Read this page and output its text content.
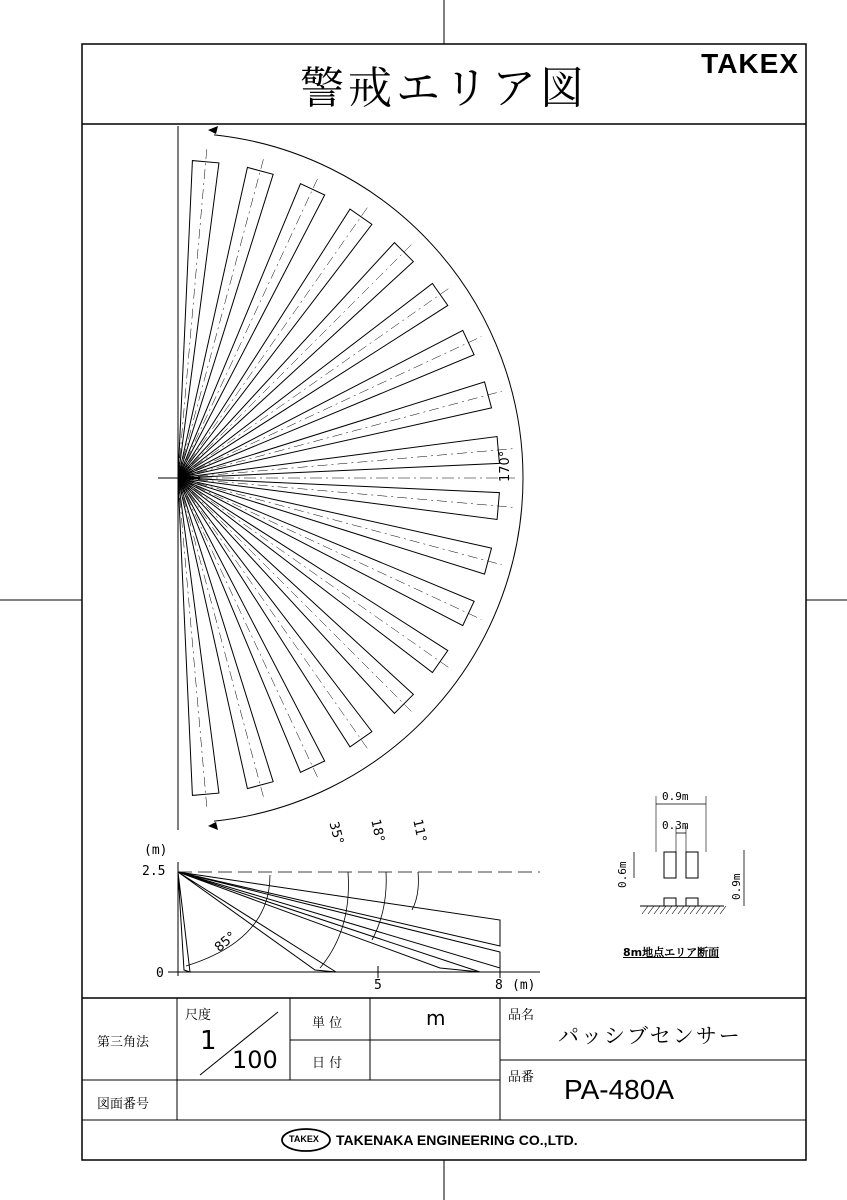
警戒エリア図	TAKEX
170°
(m)
2.5
0
5	8 (m)
35° 18° 11°
85°
0.9m
0.3m
0.6m	0.9m
8m地点エリア断面
第三角法
尺度
1
100
単 位	m
日 付
品名
パッシブセンサー
図面番号
品番 PA-480A
TAKEX TAKENAKA ENGINEERING CO.,LTD.
